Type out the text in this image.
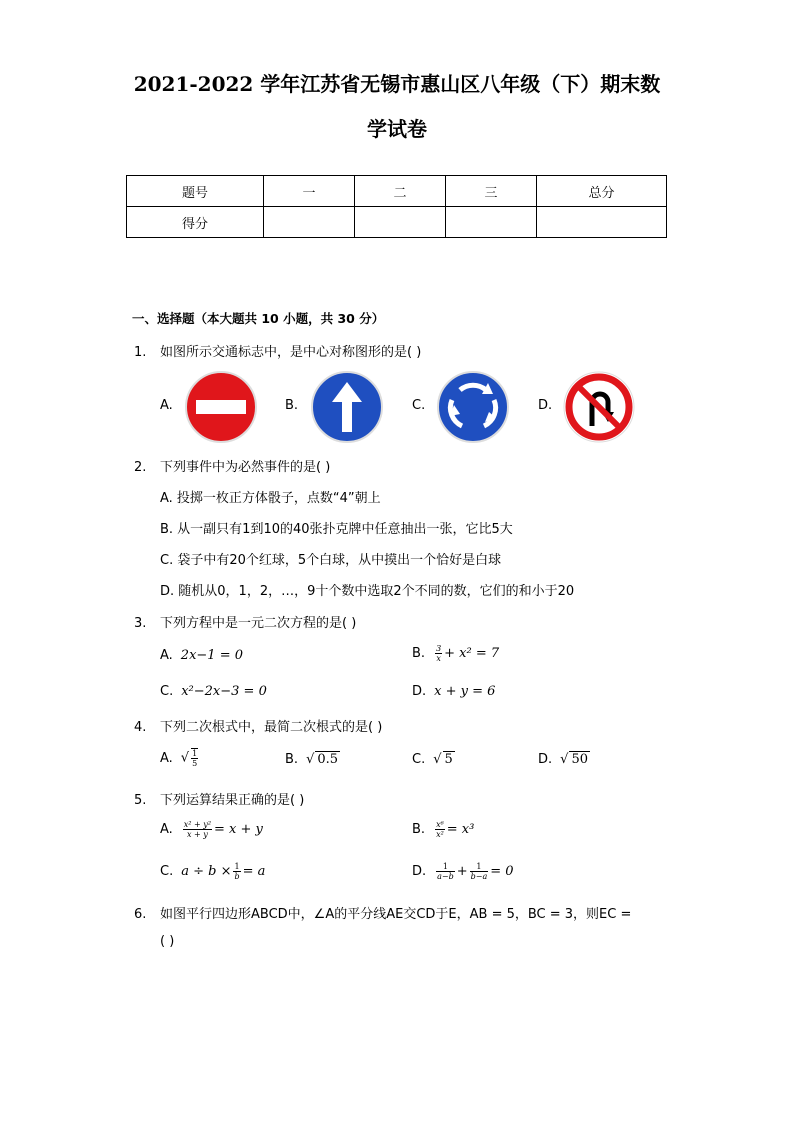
2021-2022 学年江苏省无锡市惠山区八年级（下）期末数
学试卷
题号	一	二	三	总分
得分				
一、选择题（本大题共 10 小题，共 30 分）
1. 如图所示交通标志中，是中心对称图形的是( )
A.	B.	C.	D.
2. 下列事件中为必然事件的是( )
A. 投掷一枚正方体骰子，点数“4”朝上
B. 从一副只有1到10的40张扑克牌中任意抽出一张，它比5大
C. 袋子中有20个红球，5个白球，从中摸出一个恰好是白球
D. 随机从0，1，2，…，9十个数中选取2个不同的数，它们的和小于20
3. 下列方程中是一元二次方程的是( )
A. 2x−1 = 0	B. $\frac{3}{x} + x^2 = 7$
C. x²−2x−3 = 0	D. x + y = 6
4. 下列二次根式中，最简二次根式的是( )
A. √ $\frac{1}{5}$	B. √ 0.5	C. √ 5	D. √ 50
5. 下列运算结果正确的是( )
A. $\frac{\text{x² + y²}}{x + y} = x + y$	B. $\frac{\text{x⁶}}{\text{x²}} = x^3$
C. $a \div b \times \frac{1}{b} = a$	D. $\frac{1}{a-b} + \frac{1}{b-a} = 0$
6. 如图平行四边形ABCD中，∠A的平分线AE交CD于E，AB = 5，BC = 3，则EC =
( )
